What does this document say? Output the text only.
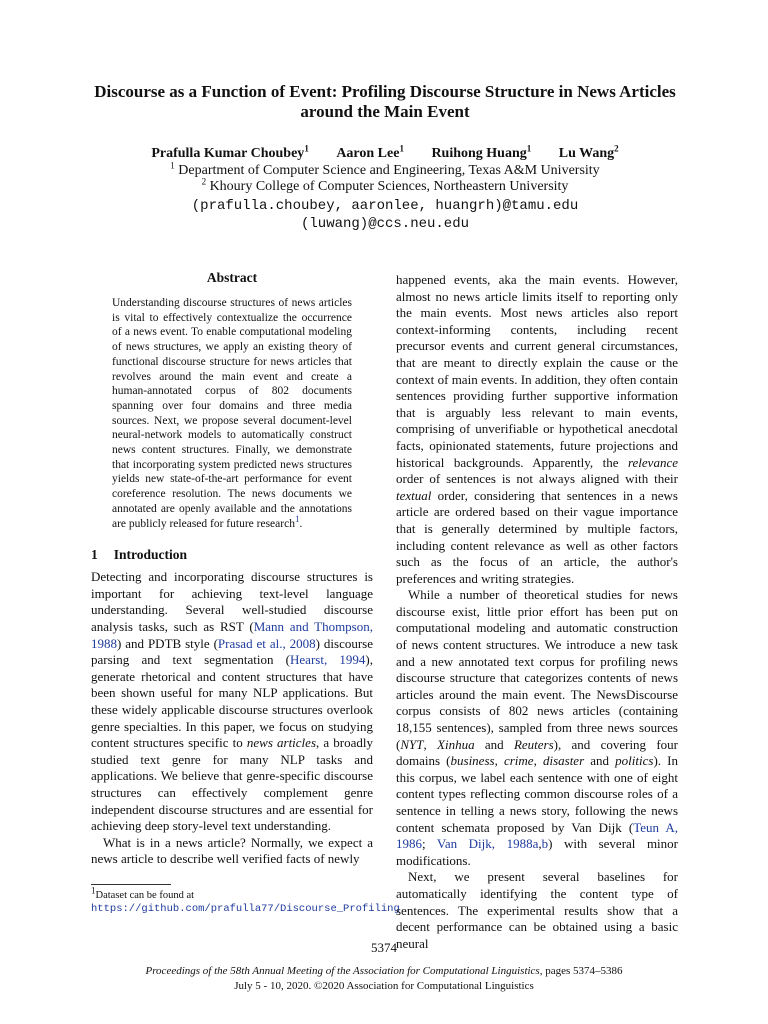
Discourse as a Function of Event: Profiling Discourse Structure in News Articles around the Main Event
Prafulla Kumar Choubey$^1$ Aaron Lee$^1$ Ruihong Huang$^1$ Lu Wang$^2$
$^1$ Department of Computer Science and Engineering, Texas A&M University
$^2$ Khoury College of Computer Sciences, Northeastern University
(prafulla.choubey, aaronlee, huangrh)@tamu.edu
(luwang)@ccs.neu.edu
Abstract
Understanding discourse structures of news articles is vital to effectively contextualize the occurrence of a news event. To enable computational modeling of news structures, we apply an existing theory of functional discourse structure for news articles that revolves around the main event and create a human-annotated corpus of 802 documents spanning over four domains and three media sources. Next, we propose several document-level neural-network models to automatically construct news content structures. Finally, we demonstrate that incorporating system predicted news structures yields new state-of-the-art performance for event coreference resolution. The news documents we annotated are openly available and the annotations are publicly released for future research$^1$.
1 Introduction

Detecting and incorporating discourse structures is important for achieving text-level language understanding. Several well-studied discourse analysis tasks, such as RST (Mann and Thompson, 1988) and PDTB style (Prasad et al., 2008) discourse parsing and text segmentation (Hearst, 1994), generate rhetorical and content structures that have been shown useful for many NLP applications. But these widely applicable discourse structures overlook genre specialties. In this paper, we focus on studying content structures specific to news articles, a broadly studied text genre for many NLP tasks and applications. We believe that genre-specific discourse structures can effectively complement genre independent discourse structures and are essential for achieving deep story-level text understanding.

What is in a news article? Normally, we expect a news article to describe well verified facts of newly

$^1$Dataset can be found at https://github.com/prafulla77/Discourse_Profiling

happened events, aka the main events. However, almost no news article limits itself to reporting only the main events. Most news articles also report context-informing contents, including recent precursor events and current general circumstances, that are meant to directly explain the cause or the context of main events. In addition, they often contain sentences providing further supportive information that is arguably less relevant to main events, comprising of unverifiable or hypothetical anecdotal facts, opinionated statements, future projections and historical backgrounds. Apparently, the relevance order of sentences is not always aligned with their textual order, considering that sentences in a news article are ordered based on their vague importance that is generally determined by multiple factors, including content relevance as well as other factors such as the focus of an article, the author's preferences and writing strategies.

While a number of theoretical studies for news discourse exist, little prior effort has been put on computational modeling and automatic construction of news content structures. We introduce a new task and a new annotated text corpus for profiling news discourse structure that categorizes contents of news articles around the main event. The NewsDiscourse corpus consists of 802 news articles (containing 18,155 sentences), sampled from three news sources (NYT, Xinhua and Reuters), and covering four domains (business, crime, disaster and politics). In this corpus, we label each sentence with one of eight content types reflecting common discourse roles of a sentence in telling a news story, following the news content schemata proposed by Van Dijk (Teun A, 1986; Van Dijk, 1988a,b) with several minor modifications.

Next, we present several baselines for automatically identifying the content type of sentences. The experimental results show that a decent performance can be obtained using a basic neural

5374
Proceedings of the 58th Annual Meeting of the Association for Computational Linguistics, pages 5374–5386
July 5 - 10, 2020. ©2020 Association for Computational Linguistics
